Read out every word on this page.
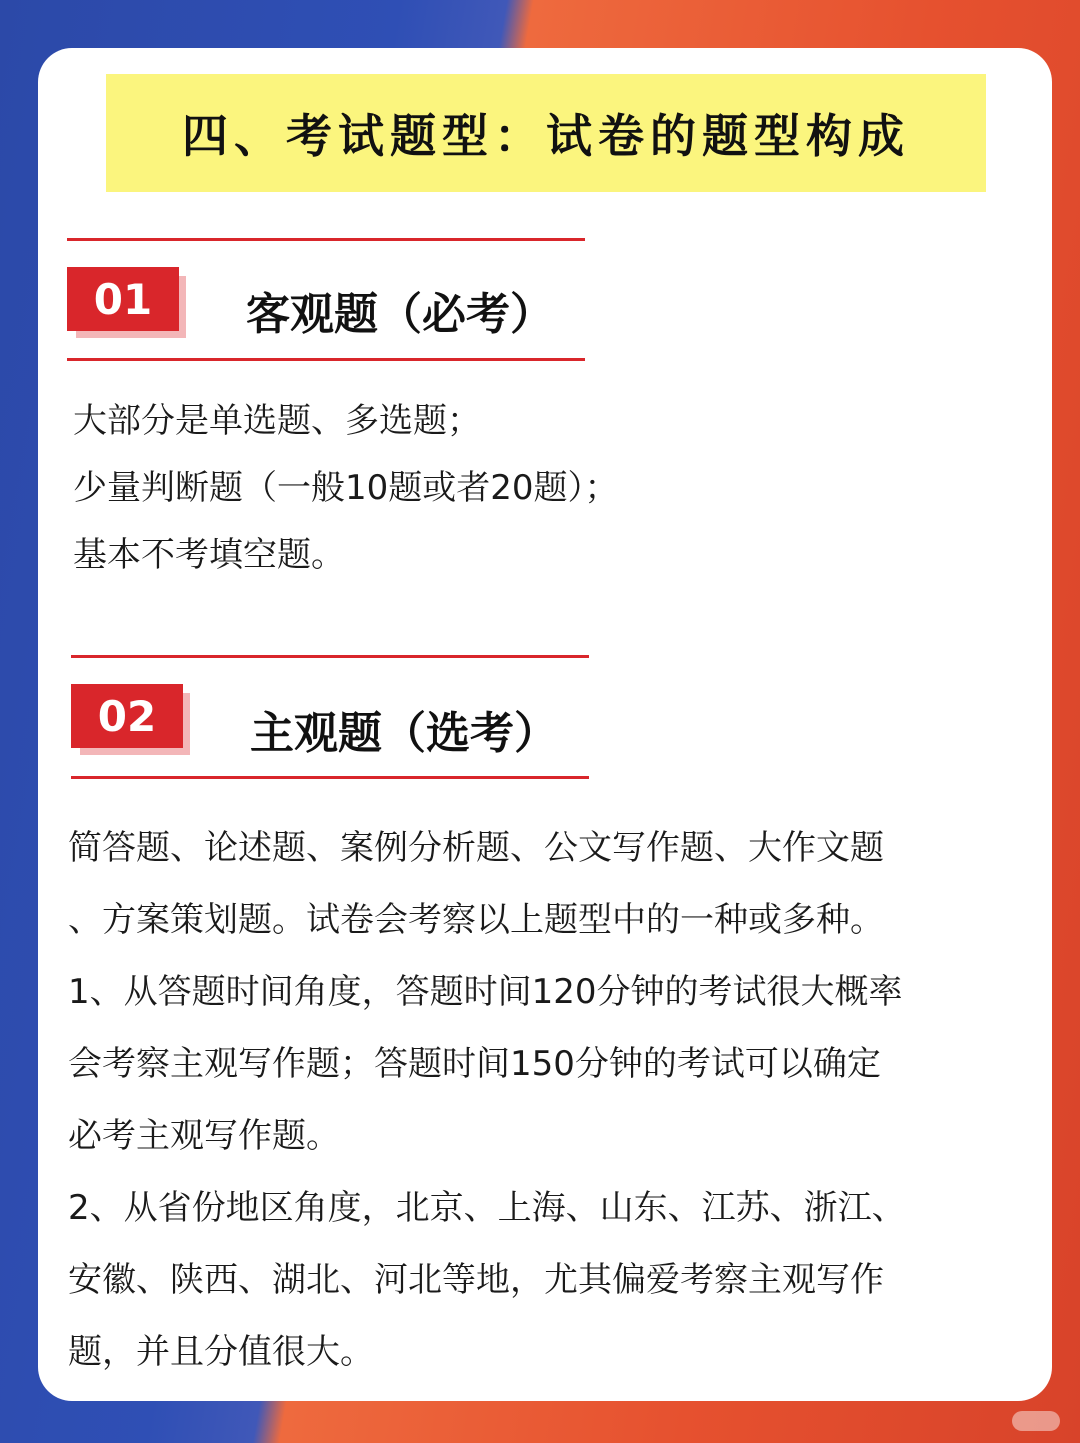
四、考试题型：试卷的题型构成
01	客观题（必考）
大部分是单选题、多选题；
少量判断题（一般10题或者20题）；
基本不考填空题。
02	主观题（选考）
简答题、论述题、案例分析题、公文写作题、大作文题
、方案策划题。试卷会考察以上题型中的一种或多种。
1、从答题时间角度，答题时间120分钟的考试很大概率
会考察主观写作题；答题时间150分钟的考试可以确定
必考主观写作题。
2、从省份地区角度，北京、上海、山东、江苏、浙江、
安徽、陕西、湖北、河北等地，尤其偏爱考察主观写作
题，并且分值很大。
